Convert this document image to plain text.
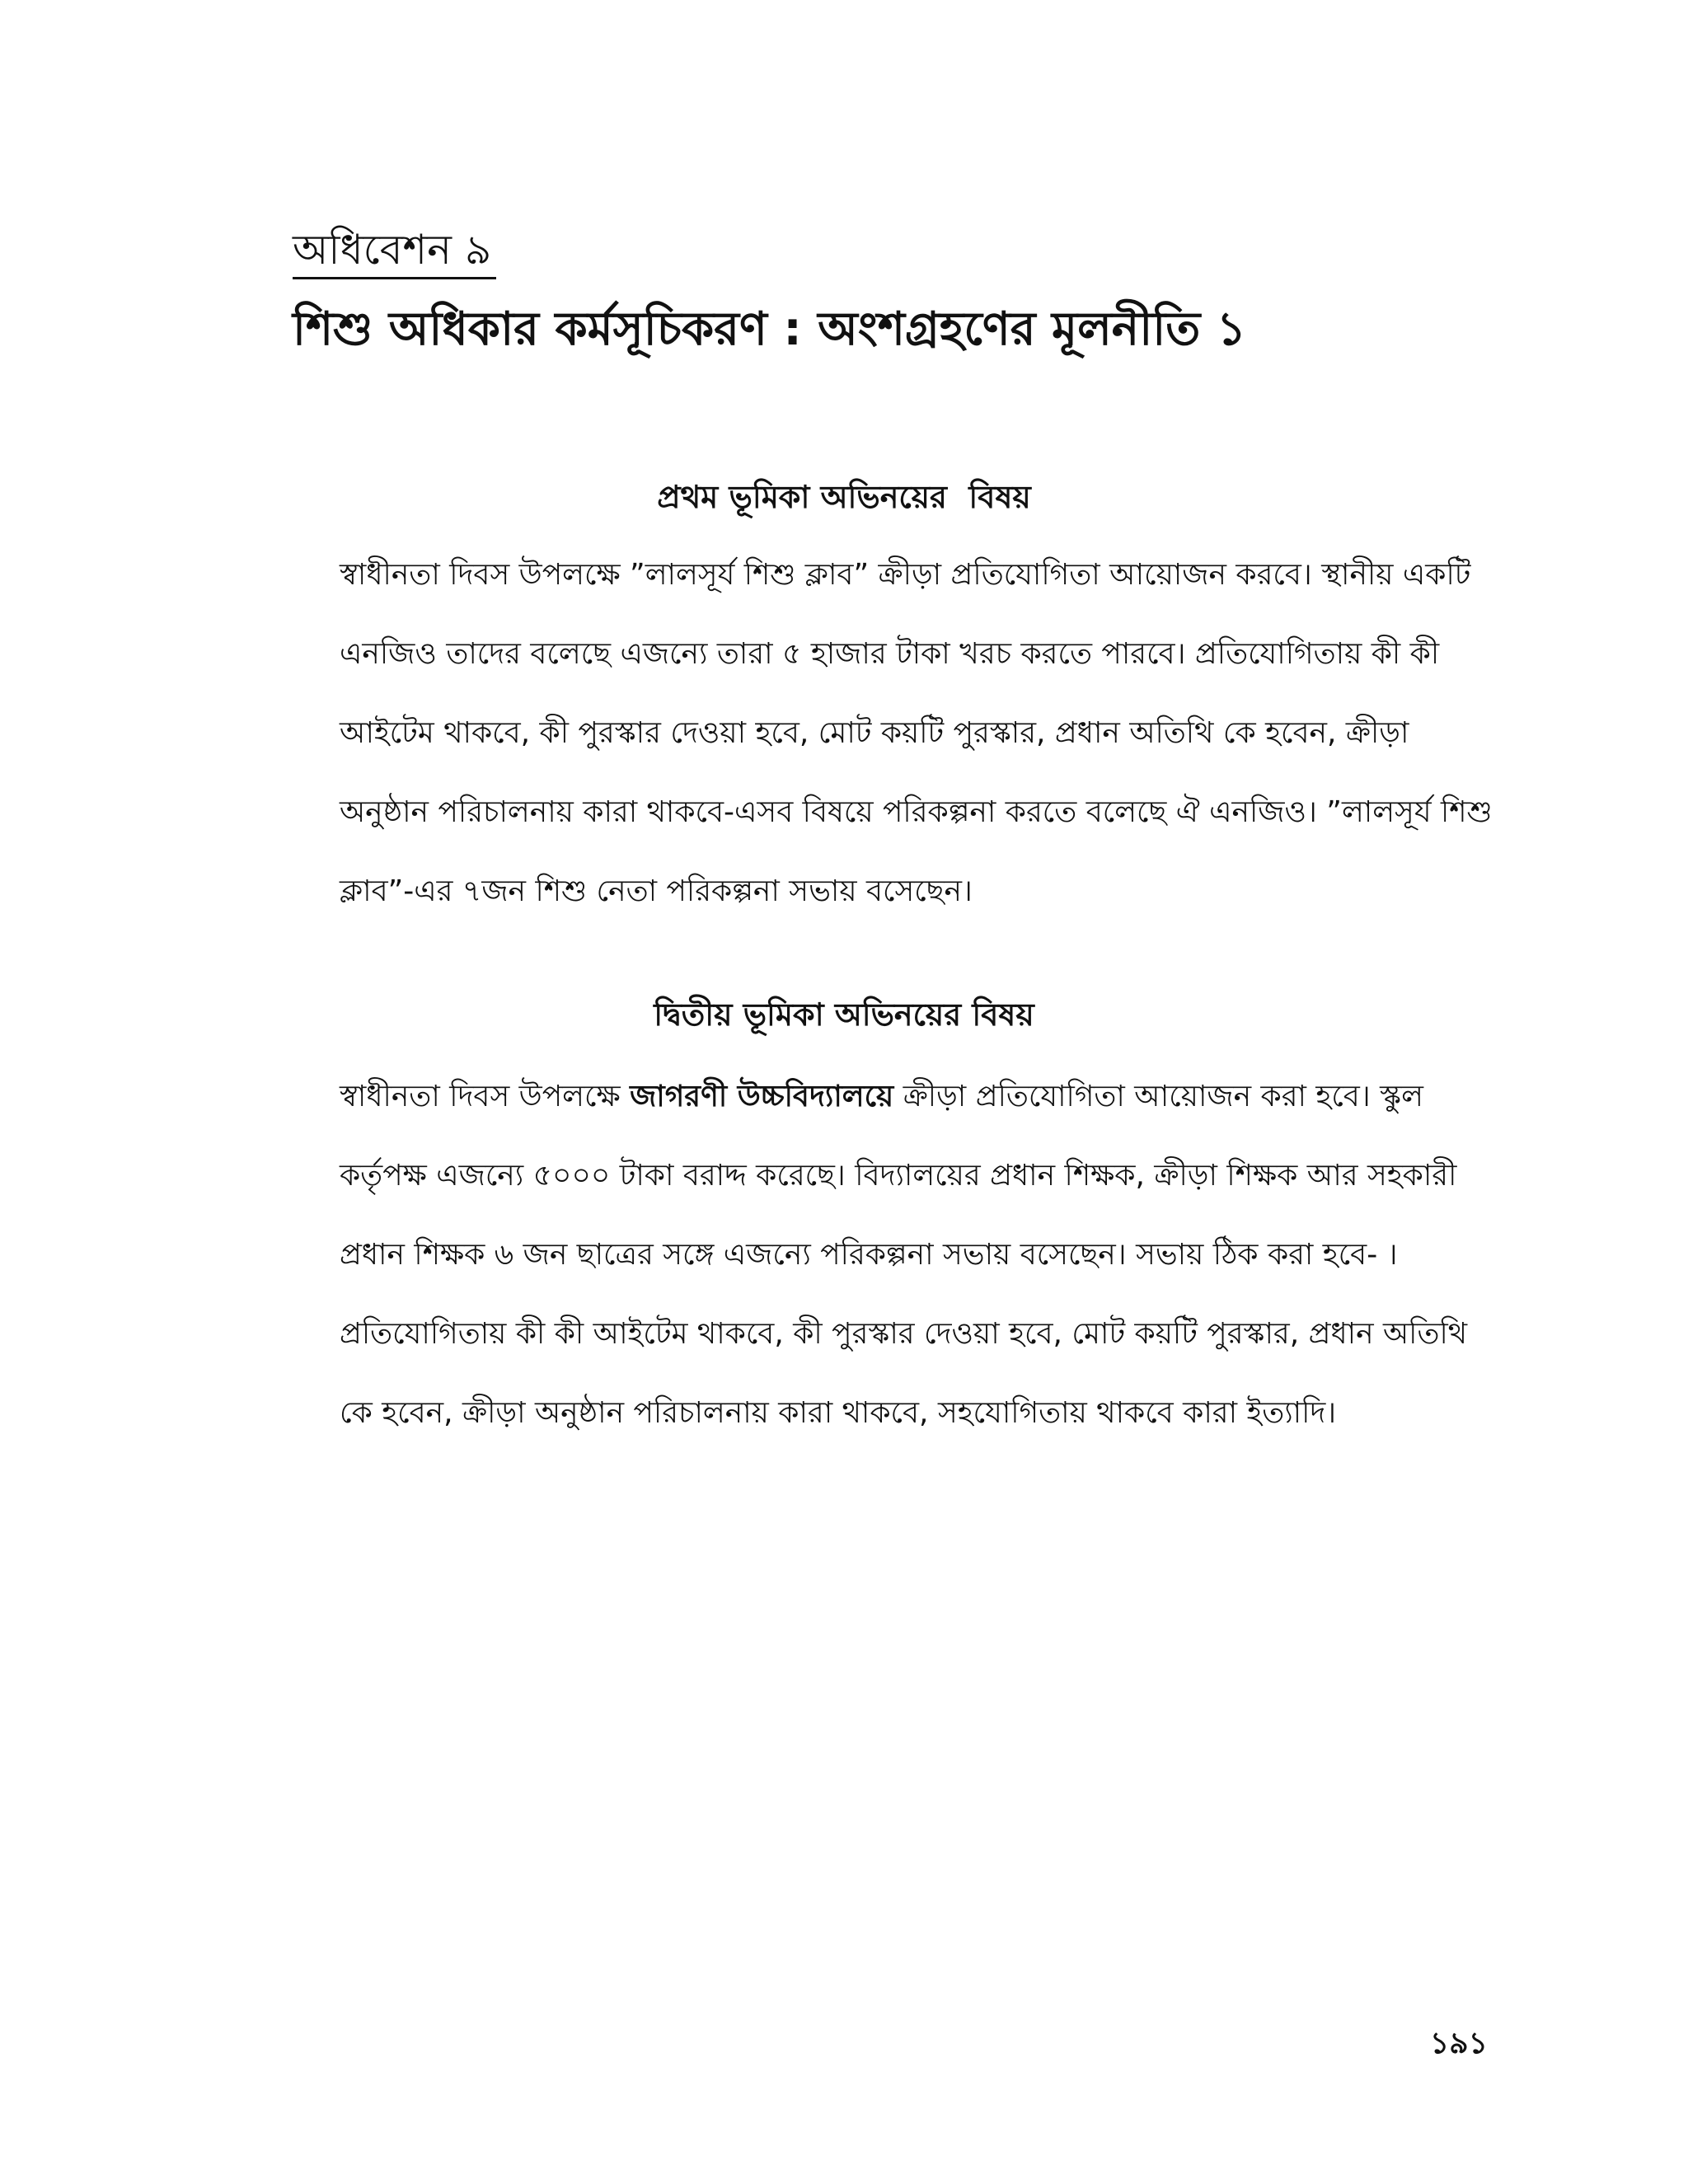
অধিবেশন ৯
শিশু অধিকার কর্মসূচিকরণ : অংশগ্রহণের মূলনীতি ১
প্রথম ভূমিকা অভিনয়ের  বিষয়
স্বাধীনতা দিবস উপলক্ষে ”লালসূর্য শিশু ক্লাব” ক্রীড়া প্রতিযোগিতা আয়োজন করবে। স্থানীয় একটি
এনজিও তাদের বলেছে এজন্যে তারা ৫ হাজার টাকা খরচ করতে পারবে। প্রতিযোগিতায় কী কী
আইটেম থাকবে, কী পুরস্কার দেওয়া হবে, মোট কয়টি পুরস্কার, প্রধান অতিথি কে হবেন, ক্রীড়া
অনুষ্ঠান পরিচালনায় কারা থাকবে-এসব বিষয়ে পরিকল্পনা করতে বলেছে ঐ এনজিও। ”লালসূর্য শিশু
ক্লাব”-এর ৭জন শিশু নেতা পরিকল্পনা সভায় বসেছেন।
দ্বিতীয় ভূমিকা অভিনয়ের বিষয়
স্বাধীনতা দিবস উপলক্ষে জাগরণী উচ্চবিদ্যালয়ে ক্রীড়া প্রতিযোগিতা আয়োজন করা হবে। স্কুল
কর্তৃপক্ষ এজন্যে ৫০০০ টাকা বরাদ্দ করেছে। বিদ্যালয়ের প্রধান শিক্ষক, ক্রীড়া শিক্ষক আর সহকারী
প্রধান শিক্ষক ৬ জন ছাত্রের সঙ্গে এজন্যে পরিকল্পনা সভায় বসেছেন। সভায় ঠিক করা হবে- ।
প্রতিযোগিতায় কী কী আইটেম থাকবে, কী পুরস্কার দেওয়া হবে, মোট কয়টি পুরস্কার, প্রধান অতিথি
কে হবেন, ক্রীড়া অনুষ্ঠান পরিচালনায় কারা থাকবে, সহযোগিতায় থাকবে কারা ইত্যাদি।
১৯১
